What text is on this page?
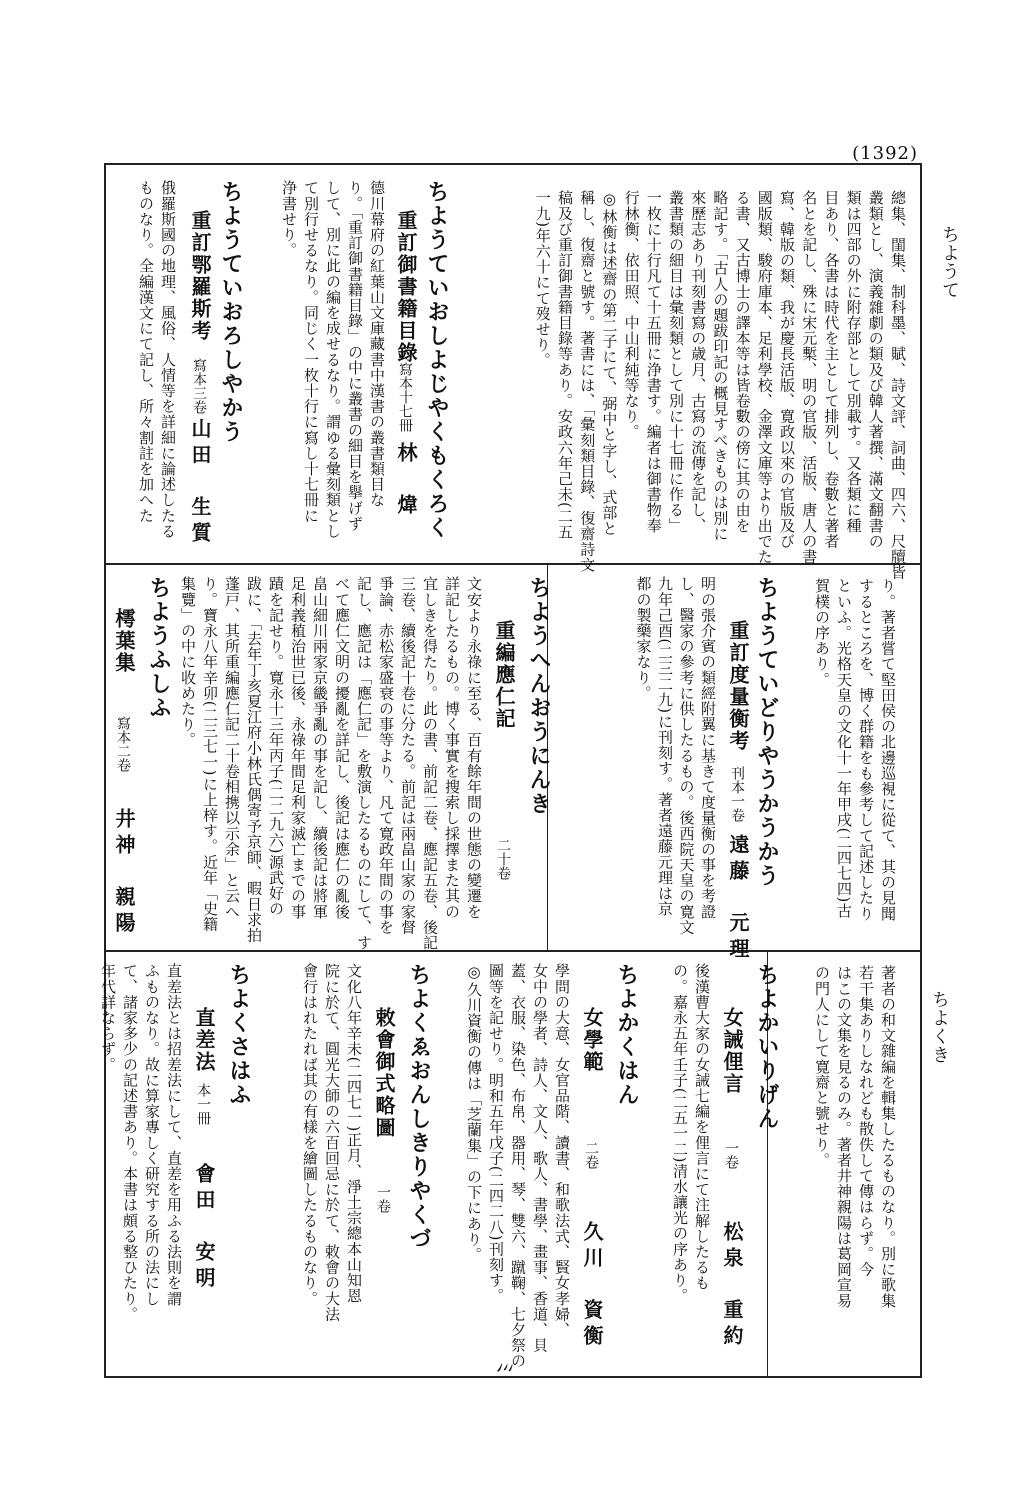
(1392)
ちようて
ちよくき
ﾐ
總集、閨集、制科墨、賦、詩文評、詞曲、四六、尺牘皆
叢類とし、演義雜劇の類及び韓人著撰、滿文翻書の
類は四部の外に附存部として別載す。又各類に種
目あり、各書は時代を主として排列し、卷數と著者
名とを記し、殊に宋元槧、明の官版、活版、唐人の書
寫、韓版の類、我が慶長活版、寛政以來の官版及び
國版類、駿府庫本、足利學校、金澤文庫等より出でた
る書、又古博士の譯本等は皆卷數の傍に其の由を
略記す。「古人の題跋印記の概見すべきものは別に
來歷志あり刊刻書寫の歳月、古寫の流傳を記し、
叢書類の細目は彙刻類として別に十七冊に作る」
一枚に十行凡て十五冊に浄書す。編者は御書物奉
行林衡、依田照、中山利純等なり。
◎林衡は述齋の第二子にて、弼中と字し、式部と
稱し、復齋と號す。著書には、「彙刻類目錄、復齋詩文
稿及び重訂御書籍目錄等あり。安政六年己未(二五
一九)年六十にて歿せり。
ちようていおしよじやくもくろく
重訂御書籍目錄
寫本十七冊
林　煒
德川幕府の紅葉山文庫藏書中漢書の叢書類目な
り。「重訂御書籍目錄」の中に叢書の細目を擧げず
して、別に此の編を成せるなり。謂ゆる彙刻類とし
て別行せるなり。同じく一枚十行に寫し十七冊に
浄書せり。
ちようていおろしやかう
重訂鄂羅斯考
寫本三卷
山田　生質
俄羅斯國の地理、風俗、人情等を詳細に論述したる
ものなり。全編漢文にて記し、所々割註を加へた
り。著者嘗て堅田侯の北邊巡視に從て、其の見聞
するところを、博く群籍をも參考して記述したり
といふ。光格天皇の文化十一年甲戌(二四七四)古
賀樸の序あり。
ちようていどりやうかうかう
重訂度量衡考
刊本一卷
遠藤　元理
明の張介賓の類經附翼に基きて度量衡の事を考證
し、醫家の參考に供したるもの。後西院天皇の寛文
九年己酉(二三二九)に刊刻す。著者遠藤元理は京
都の製藥家なり。
ちようへんおうにんき
重編應仁記
二十卷
文安より永祿に至る、百有餘年間の世態の變遷を
詳記したるもの。博く事實を搜索し採擇また其の
宜しきを得たり。此の書、前記二卷、應記五卷、後記
三卷、續後記十卷に分たる。前記は兩畠山家の家督
爭論、赤松家盛衰の事等より、凡て寛政年間の事を
記し、應記は「應仁記」を敷演したるものにして、す
べて應仁文明の擾亂を詳記し、後記は應仁の亂後
畠山細川兩家京畿爭亂の事を記し、續後記は將軍
足利義稙治世已後、永祿年間足利家滅亡までの事
蹟を記せり。寛永十三年丙子(二二九六)源武好の
跋に、「去年丁亥夏江府小林氏偶寄予京師、暇日求拍
蓬戸、其所重編應仁記二十卷相携以示余」と云へ
り。寶永八年辛卯(二三七一)に上梓す。近年「史籍
集覽」の中に收めたり。
ちようふしふ
樗葉集
寫本二卷
井神　親陽
著者の和文雜編を輯集したるものなり。別に歌集
若干集ありしなれども散佚して傳はらず。今
はこの文集を見るのみ。著者井神親陽は葛岡宣易
の門人にして寛齋と號せり。
ちよかいりげん
女誡俚言
一卷
松泉　重約
後漢曹大家の女誡七編を俚言にて注解したるも
の。嘉永五年壬子(二五一二)清水讓光の序あり。
ちよかくはん
女學範
二卷
久川　資衡
學問の大意、女官品階、讀書、和歌法式、賢女孝婦、
女中の學者、詩人、文人、歌人、書學、畫事、香道、貝
蓋、衣服、染色、布帛、器用、琴、雙六、蹴鞠、七夕祭の
圖等を記せり。明和五年戊子(二四二八)刊刻す。
◎久川資衡の傳は「芝蘭集」の下にあり。
ちよくゑおんしきりやくづ
敕會御式略圖
一卷
文化八年辛未(二四七一)正月、淨土宗總本山知恩
院に於て、圓光大師の六百回忌に於て、敕會の大法
會行はれたれば其の有樣を繪圖したるものなり。
ちよくさはふ
直差法
本一冊
會田　安明
直差法とは招差法にして、直差を用ふる法則を謂
ふものなり。故に算家專しく研究する所の法にし
て、諸家多少の記述書あり。本書は頗る整ひたり。
年代詳ならず。
